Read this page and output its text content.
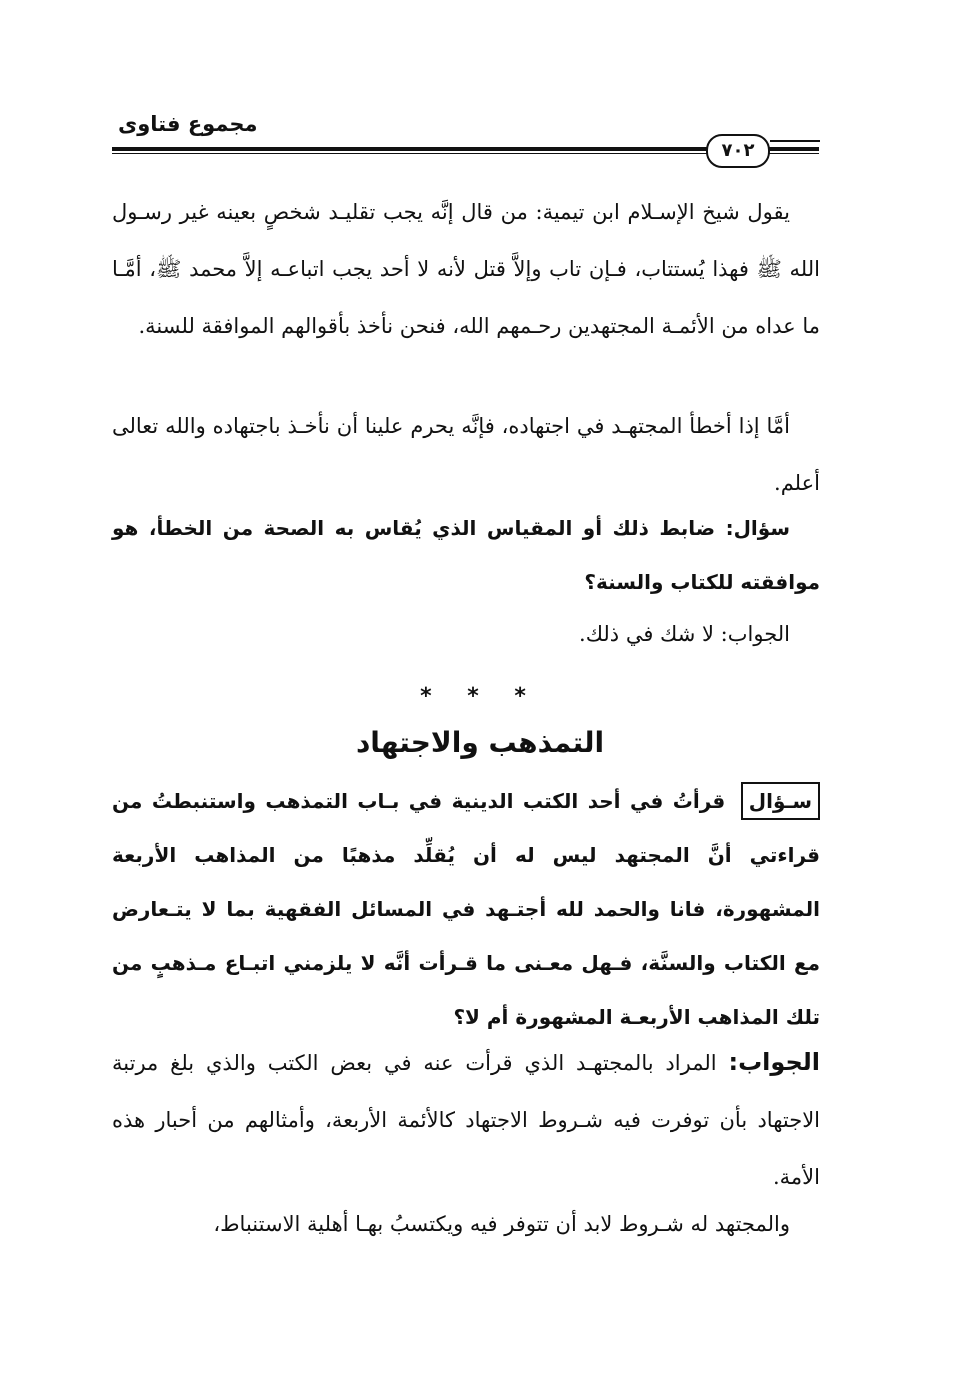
مجموع فتاوى
٧٠٢
يقول شيخ الإسـلام ابن تيمية: من قال إنَّه يجب تقليـد شخصٍ بعينه غير رسـول الله ﷺ فهذا يُستتاب، فـإن تاب وإلاَّ قتل لأنه لا أحد يجب اتباعـه إلاَّ محمد ﷺ، أمَّـا ما عداه من الأئمـة المجتهدين رحـمهم الله، فنحن نأخذ بأقوالهم الموافقة للسنة.
أمَّا إذا أخطأ المجتهـد في اجتهاده، فإنَّه يحرم علينا أن نأخـذ باجتهاده والله تعالى أعلم.
سؤال: ضابط ذلك أو المقياس الذي يُقاس به الصحة من الخطأ، هو موافقته للكتاب والسنة؟
الجواب: لا شك في ذلك.
* * *
التمذهب والاجتهاد
سـؤال قرأتُ في أحد الكتب الدينية في بـاب التمذهب واستنبطتُ من قراءتي أنَّ المجتهد ليس له أن يُقلِّد مذهبًا من المذاهب الأربعة المشهورة، فانا والحمد لله أجتـهد في المسائل الفقهية بما لا يتـعارض مع الكتاب والسنَّة، فـهل معـنى ما قـرأت أنَّه لا يلزمني اتبـاع مـذهبٍ من تلك المذاهب الأربعـة المشهورة أم لا؟
الجواب: المراد بالمجتهـد الذي قرأت عنه في بعض الكتب والذي بلغ مرتبة الاجتهاد بأن توفرت فيه شـروط الاجتهاد كالأئمة الأربعة، وأمثالهم من أحبار هذه الأمة.
والمجتهد له شـروط لابد أن تتوفر فيه ويكتسبُ بهـا أهلية الاستنباط،
